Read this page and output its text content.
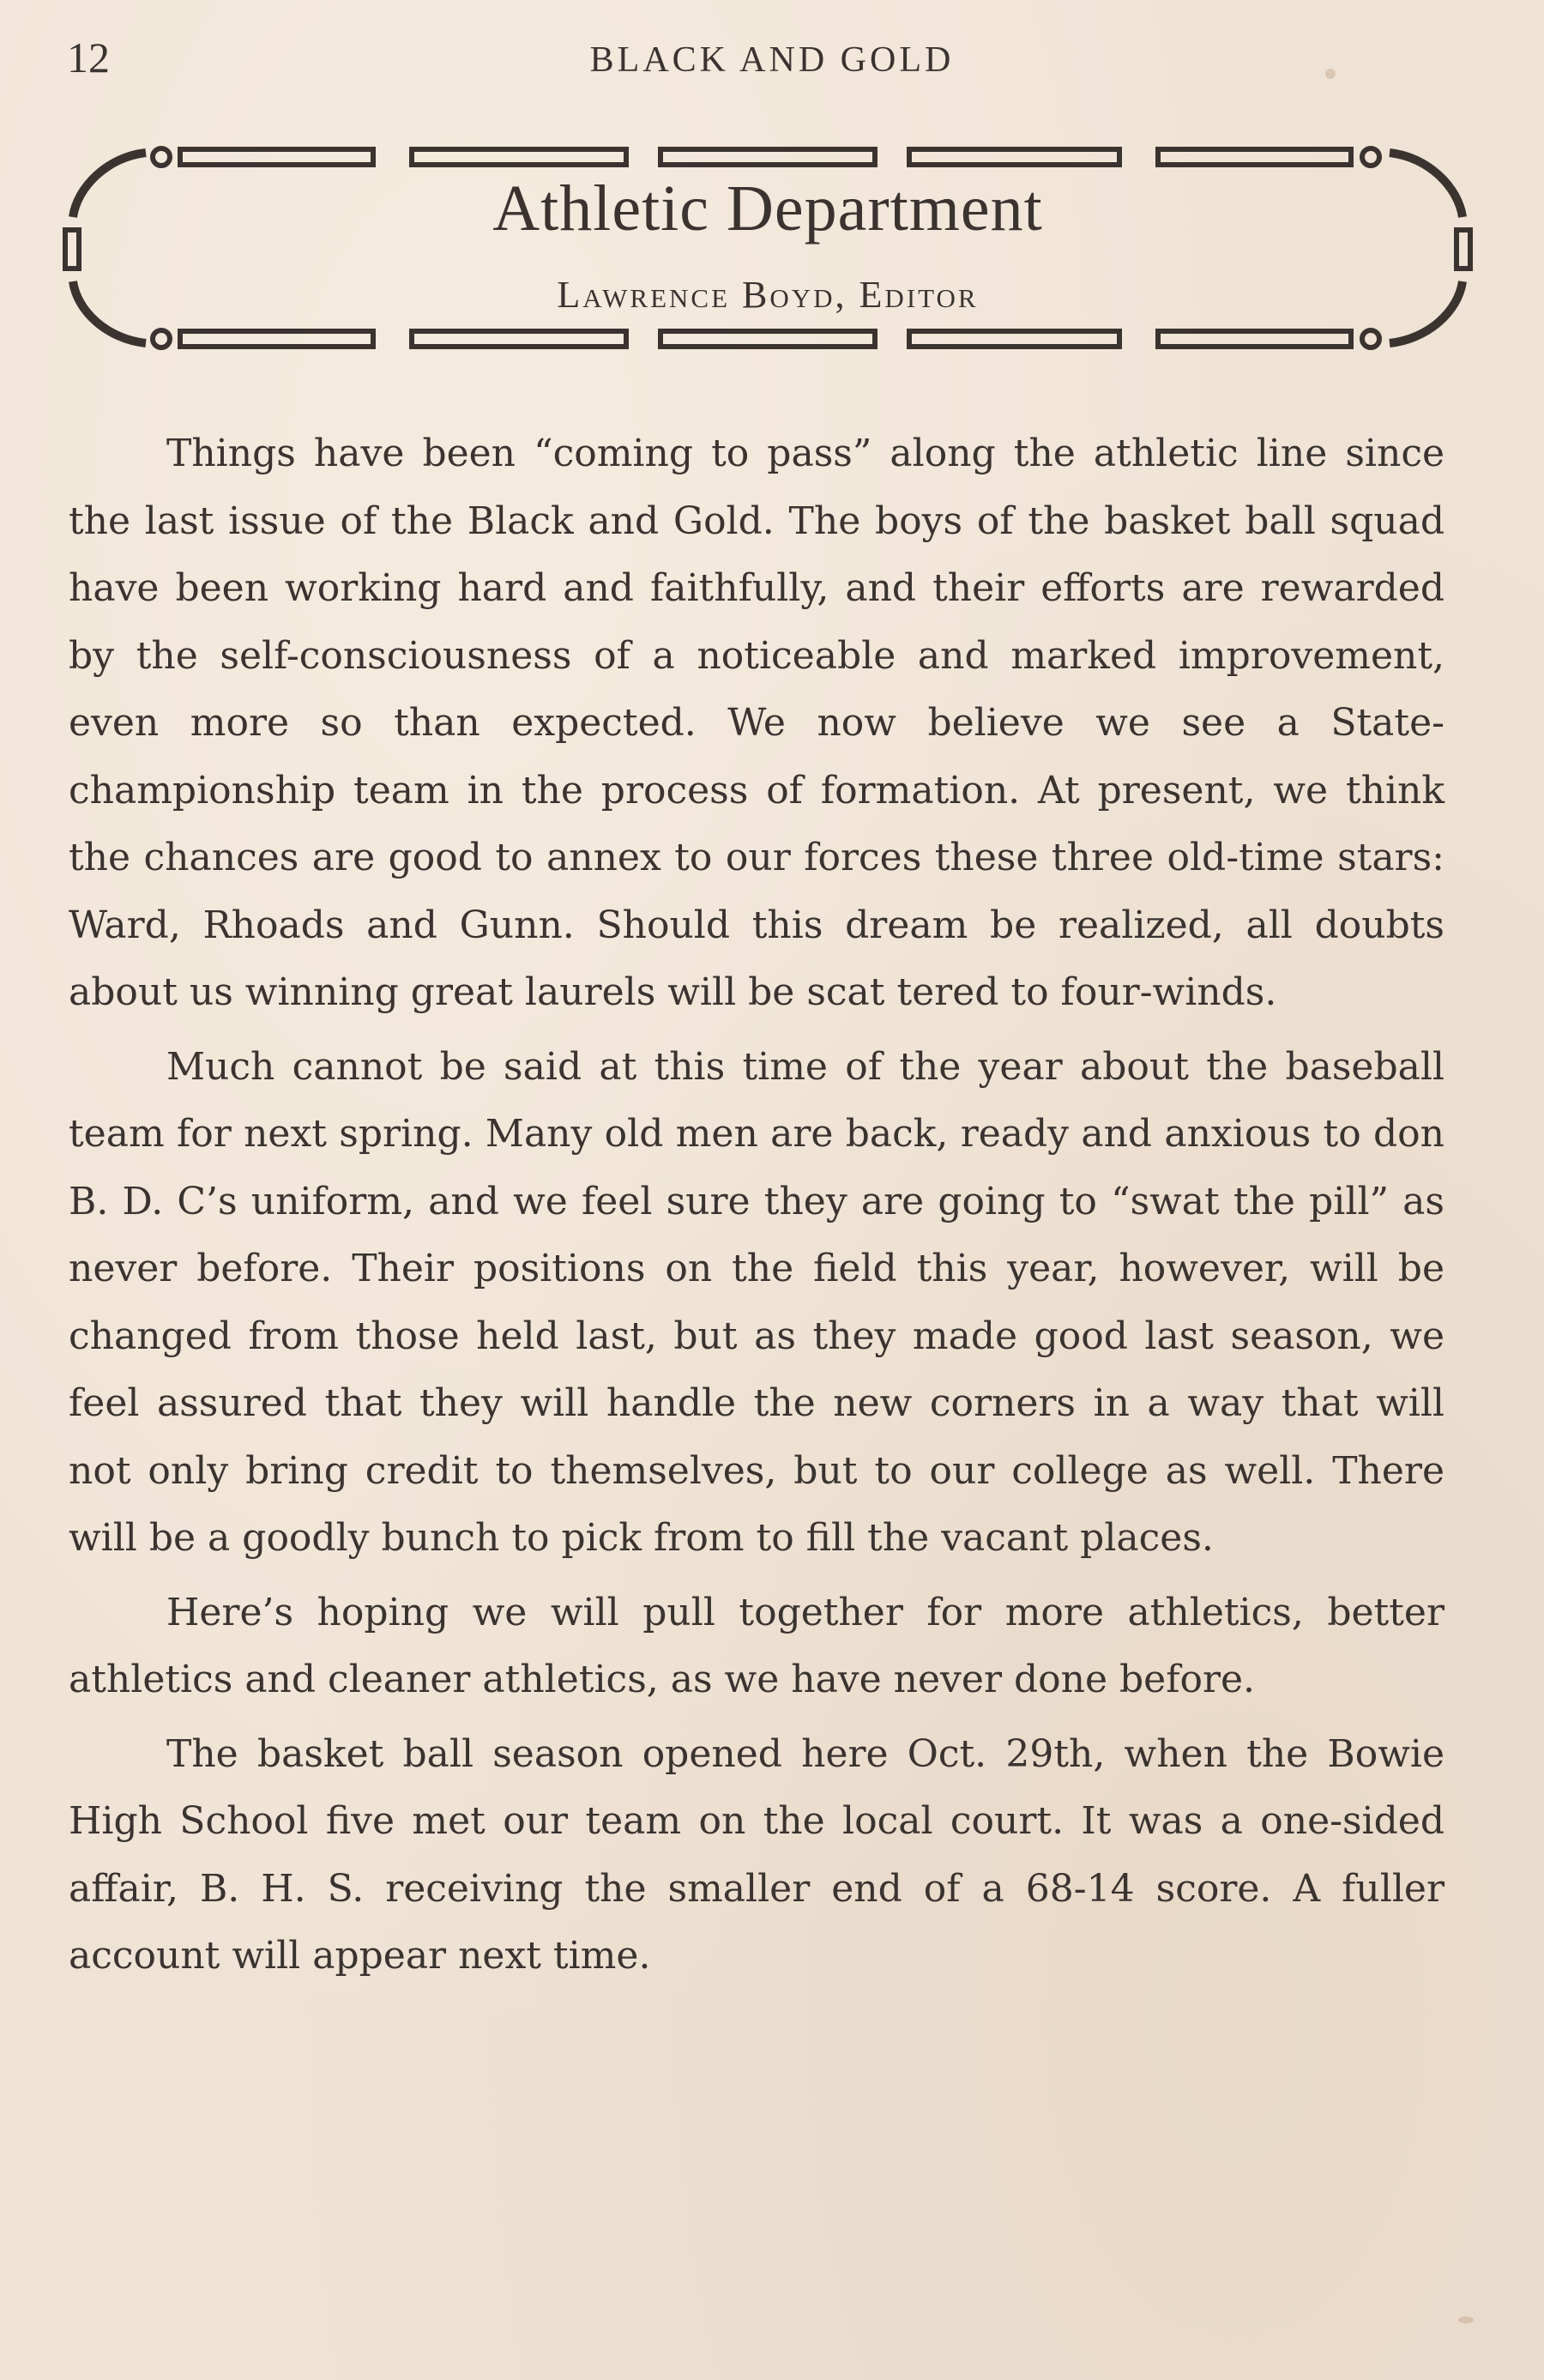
12	BLACK AND GOLD
Athletic Department
Lawrence Boyd, Editor

Things have been “coming to pass” along the athletic line since the last issue of the Black and Gold. The boys of the basket ball squad have been working hard and faithfully, and their efforts are rewarded by the self-consciousness of a noticeable and marked improvement, even more so than expected. We now believe we see a State-championship team in the process of formation. At present, we think the chances are good to annex to our forces these three old-time stars: Ward, Rhoads and Gunn. Should this dream be realized, all doubts about us winning great laurels will be scat tered to four-winds.

Much cannot be said at this time of the year about the baseball team for next spring. Many old men are back, ready and anxious to don B. D. C’s uniform, and we feel sure they are going to “swat the pill” as never before. Their positions on the field this year, however, will be changed from those held last, but as they made good last season, we feel assured that they will handle the new corners in a way that will not only bring credit to themselves, but to our college as well. There will be a goodly bunch to pick from to fill the vacant places.

Here’s hoping we will pull together for more athletics, better athletics and cleaner athletics, as we have never done before.

The basket ball season opened here Oct. 29th, when the Bowie High School five met our team on the local court. It was a one-sided affair, B. H. S. receiving the smaller end of a 68-14 score. A fuller account will appear next time.
